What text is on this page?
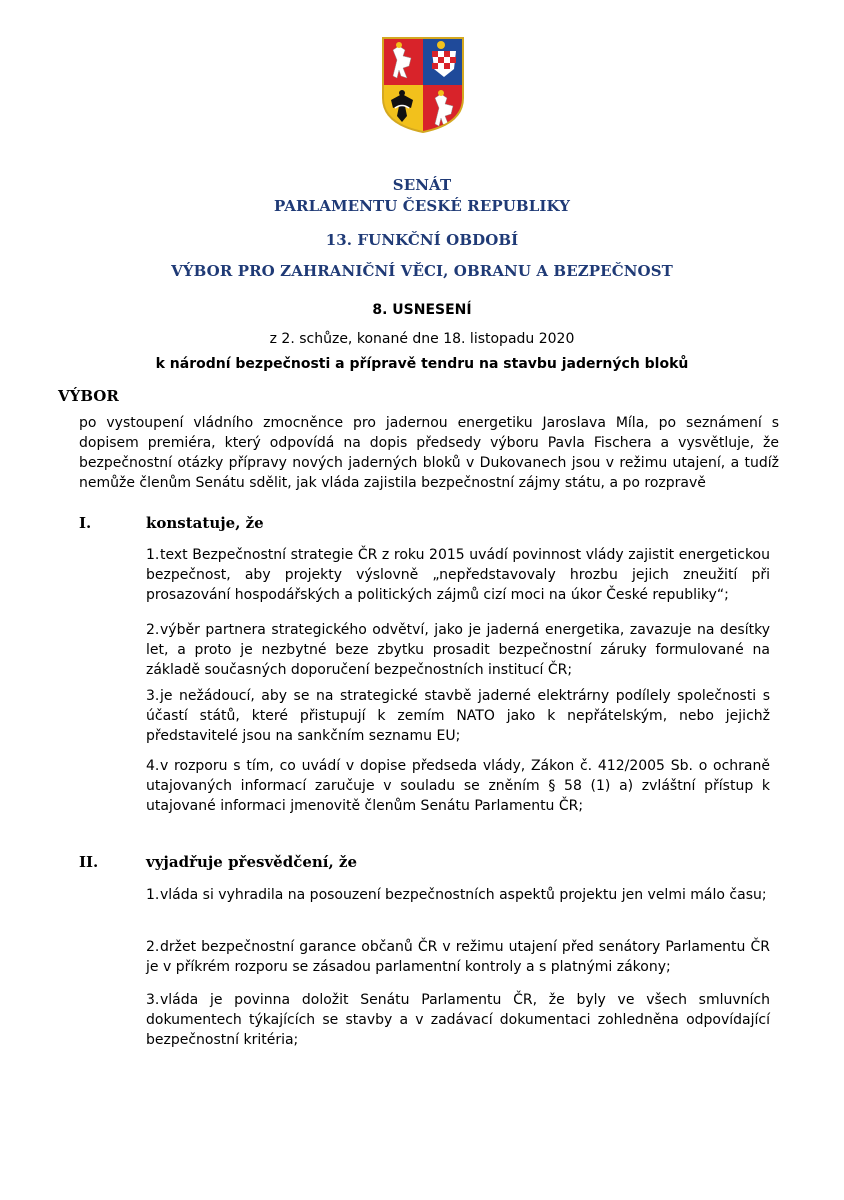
SENÁT
PARLAMENTU ČESKÉ REPUBLIKY
13. FUNKČNÍ OBDOBÍ
VÝBOR PRO ZAHRANIČNÍ VĚCI, OBRANU A BEZPEČNOST
8. USNESENÍ
z 2. schůze, konané dne 18. listopadu 2020
k národní bezpečnosti a přípravě tendru na stavbu jaderných bloků
VÝBOR
po vystoupení vládního zmocněnce pro jadernou energetiku Jaroslava Míla, po seznámení s dopisem premiéra, který odpovídá na dopis předsedy výboru Pavla Fischera a vysvětluje, že bezpečnostní otázky přípravy nových jaderných bloků v Dukovanech jsou v režimu utajení, a tudíž nemůže členům Senátu sdělit, jak vláda zajistila bezpečnostní zájmy státu, a po rozpravě
I.	konstatuje, že
1. text Bezpečnostní strategie ČR z roku 2015 uvádí povinnost vlády zajistit energetickou bezpečnost, aby projekty výslovně „nepředstavovaly hrozbu jejich zneužití při prosazování hospodářských a politických zájmů cizí moci na úkor České republiky“;
2. výběr partnera strategického odvětví, jako je jaderná energetika, zavazuje na desítky let, a proto je nezbytné beze zbytku prosadit bezpečnostní záruky formulované na základě současných doporučení bezpečnostních institucí ČR;
3. je nežádoucí, aby se na strategické stavbě jaderné elektrárny podílely společnosti s účastí států, které přistupují k zemím NATO jako k nepřátelským, nebo jejichž představitelé jsou na sankčním seznamu EU;
4. v rozporu s tím, co uvádí v dopise předseda vlády, Zákon č. 412/2005 Sb. o ochraně utajovaných informací zaručuje v souladu se zněním § 58 (1) a) zvláštní přístup k utajované informaci jmenovitě členům Senátu Parlamentu ČR;
II.	vyjadřuje přesvědčení, že
1. vláda si vyhradila na posouzení bezpečnostních aspektů projektu jen velmi málo času;
2. držet bezpečnostní garance občanů ČR v režimu utajení před senátory Parlamentu ČR je v příkrém rozporu se zásadou parlamentní kontroly a s platnými zákony;
3. vláda je povinna doložit Senátu Parlamentu ČR, že byly ve všech smluvních dokumentech týkajících se stavby a v zadávací dokumentaci zohledněna odpovídající bezpečnostní kritéria;
